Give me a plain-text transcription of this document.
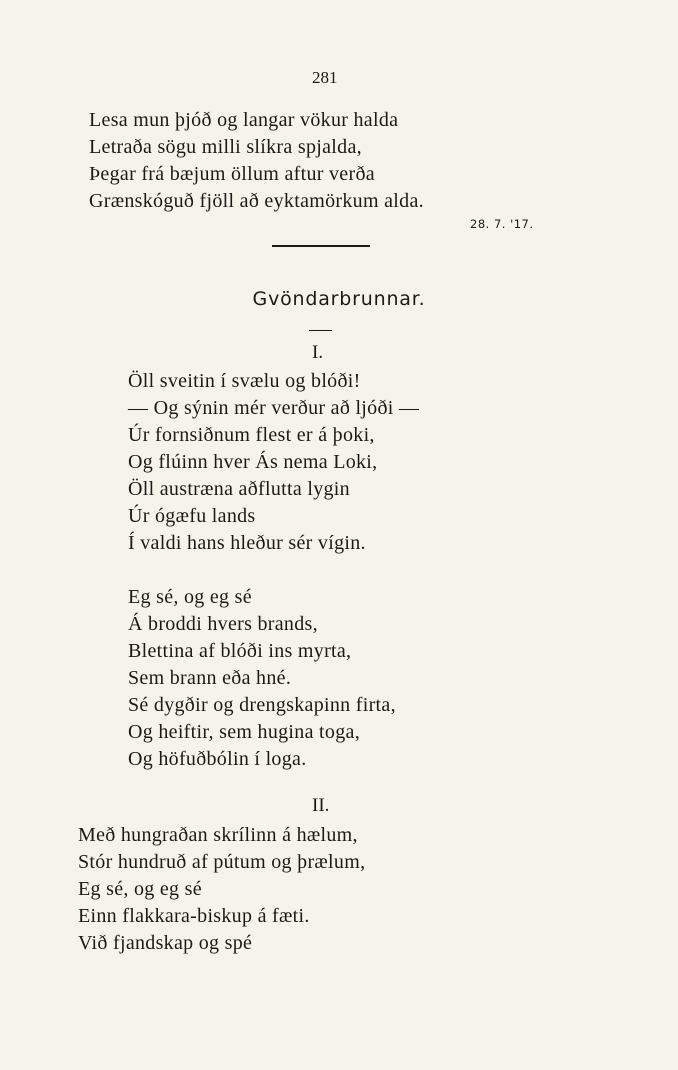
281
Lesa mun þjóð og langar vökur halda
Letraða sögu milli slíkra spjalda,
Þegar frá bæjum öllum aftur verða
Grænskóguð fjöll að eyktamörkum alda.
28. 7. '17.
Gvöndarbrunnar.
I.
Öll sveitin í svælu og blóði!
— Og sýnin mér verður að ljóði —
Úr fornsiðnum flest er á þoki,
Og flúinn hver Ás nema Loki,
Öll austræna aðflutta lygin
Úr ógæfu lands
Í valdi hans hleður sér vígin.
Eg sé, og eg sé
Á broddi hvers brands,
Blettina af blóði ins myrta,
Sem brann eða hné.
Sé dygðir og drengskapinn firta,
Og heiftir, sem hugina toga,
Og höfuðbólin í loga.
II.
Með hungraðan skrílinn á hælum,
Stór hundruð af pútum og þrælum,
Eg sé, og eg sé
Einn flakkara-biskup á fæti.
Við fjandskap og spé
